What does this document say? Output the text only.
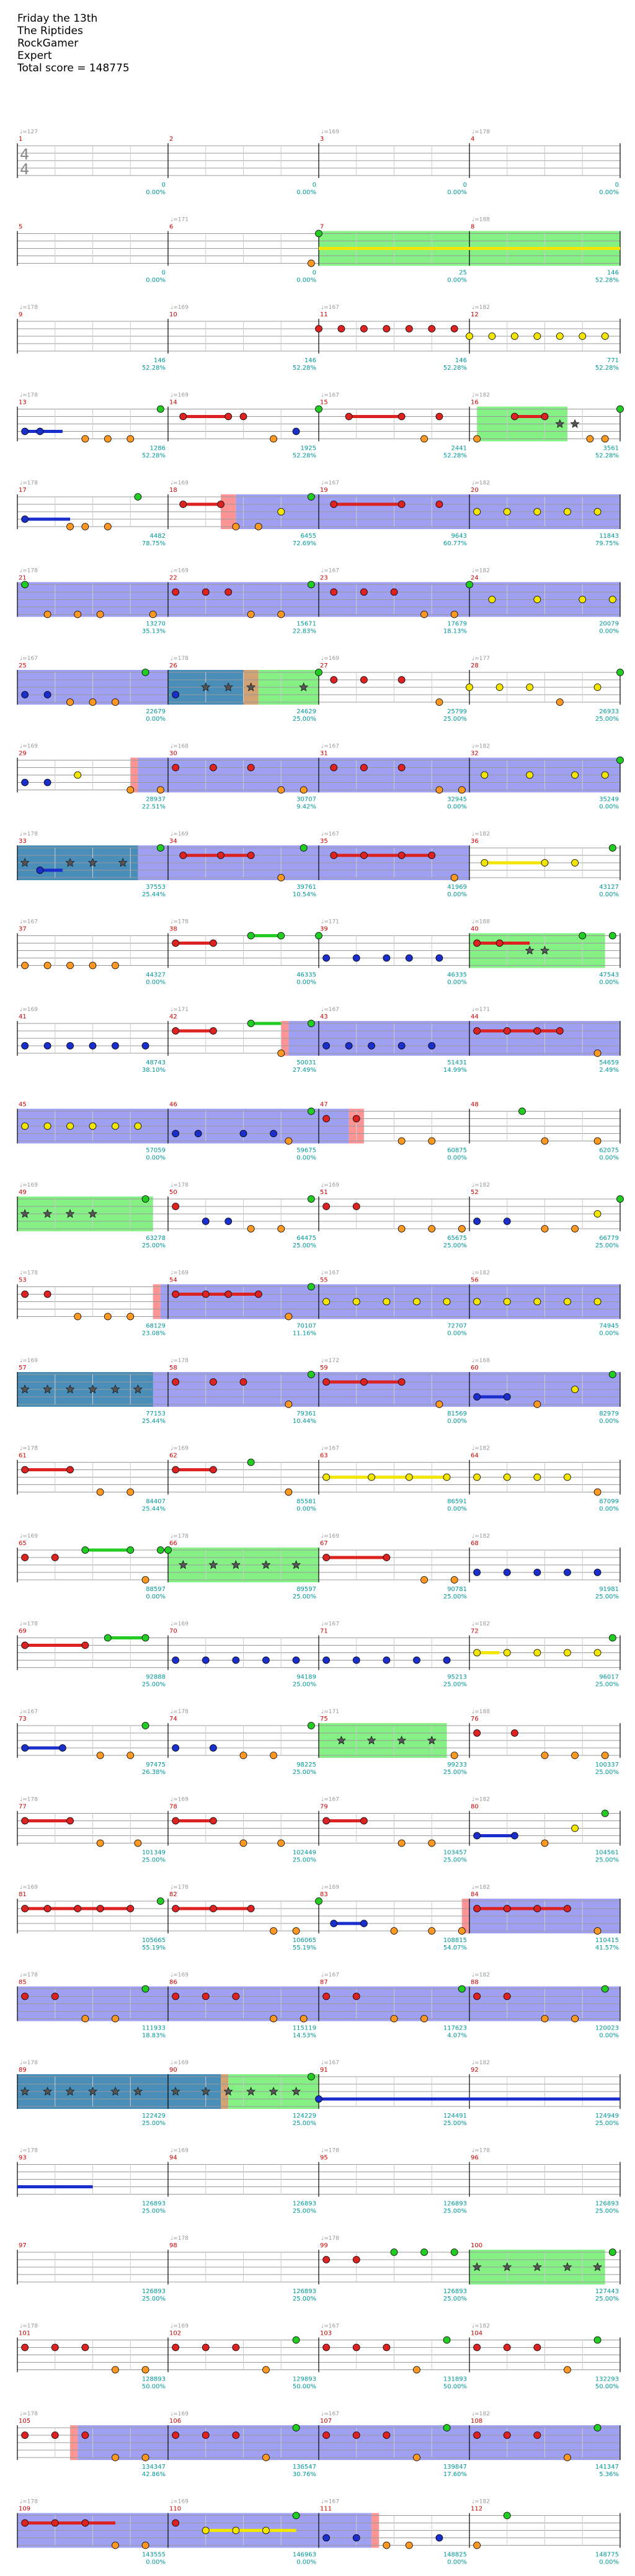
Friday the 13th
The Riptides
RockGamer
Expert
Total score = 148775
4
4
1
♩=127
2	3
♩=169
4
♩=178
0
0.00%
0
0.00%
0
0.00%
0
0.00%
5	6
♩=171
7	8
♩=188
0
0.00%
0
0.00%
25
0.00%
146
52.28%
9
♩=178
10
♩=169
11
♩=167
12
♩=182
146
52.28%
146
52.28%
146
52.28%
771
52.28%
13
♩=178
14
♩=169
15
♩=167
16
♩=182
1286
52.28%
1925
52.28%
2441
52.28%
3561
52.28%
17
♩=178
18
♩=169
19
♩=167
20
♩=182
4482
78.75%
6455
72.69%
9643
60.77%
11843
79.75%
21
♩=178
22
♩=169
23
♩=167
24
♩=182
13270
35.13%
15671
22.83%
17679
18.13%
20079
0.00%
25
♩=167
26
♩=178
27
♩=169
28
♩=177
22679
0.00%
24629
25.00%
25799
25.00%
26933
25.00%
29
♩=169
30
♩=168
31
♩=167
32
♩=182
28937
22.51%
30707
9.42%
32945
0.00%
35249
0.00%
33
♩=178
34
♩=169
35
♩=167
36
♩=182
37553
25.44%
39761
10.54%
41969
0.00%
43127
0.00%
37
♩=167
38
♩=178
39
♩=171
40
♩=188
44327
0.00%
46335
0.00%
46335
0.00%
47543
0.00%
41
♩=169
42
♩=171
43
♩=167
44
♩=171
48743
38.10%
50031
27.49%
51431
14.99%
54659
2.49%
45	46	47	48
57059
0.00%
59675
0.00%
60875
0.00%
62075
0.00%
49
♩=169
50
♩=178
51
♩=169
52
♩=182
63278
25.00%
64475
25.00%
65675
25.00%
66779
25.00%
53
♩=178
54
♩=169
55
♩=167
56
♩=182
68129
23.08%
70107
11.16%
72707
0.00%
74945
0.00%
57
♩=169
58
♩=178
59
♩=172
60
♩=168
77153
25.44%
79361
10.44%
81569
0.00%
82979
0.00%
61
♩=178
62
♩=169
63
♩=167
64
♩=182
84407
25.44%
85581
0.00%
86591
0.00%
87099
0.00%
65
♩=169
66
♩=178
67
♩=169
68
♩=182
88597
0.00%
89597
25.00%
90781
25.00%
91981
25.00%
69
♩=178
70
♩=169
71
♩=167
72
♩=182
92888
25.00%
94189
25.00%
95213
25.00%
96017
25.00%
73
♩=167
74
♩=178
75
♩=171
76
♩=188
97475
26.38%
98225
25.00%
99233
25.00%
100337
25.00%
77
♩=178
78
♩=169
79
♩=167
80
♩=182
101349
25.00%
102449
25.00%
103457
25.00%
104561
25.00%
81
♩=169
82
♩=178
83
♩=169
84
♩=182
105665
55.19%
106065
55.19%
108815
54.07%
110415
41.57%
85
♩=178
86
♩=169
87
♩=167
88
♩=182
111933
18.83%
115119
14.53%
117623
4.07%
120023
0.00%
89
♩=178
90
♩=169
91
♩=167
92
♩=182
122429
25.00%
124229
25.00%
124491
25.00%
124949
25.00%
93
♩=178
94
♩=169
95
♩=178
96
♩=178
126893
25.00%
126893
25.00%
126893
25.00%
126893
25.00%
97	98
♩=178
99
♩=178
100
126893
25.00%
126893
25.00%
126893
25.00%
127443
25.00%
101
♩=178
102
♩=169
103
♩=167
104
♩=182
128893
50.00%
129893
50.00%
131893
50.00%
132293
50.00%
105
♩=178
106
♩=169
107
♩=167
108
♩=182
134347
42.86%
136547
30.76%
139847
17.60%
141347
5.36%
109
♩=178
110
♩=169
111
♩=167
112
♩=182
143555
0.00%
146963
0.00%
148825
0.00%
148775
0.00%
